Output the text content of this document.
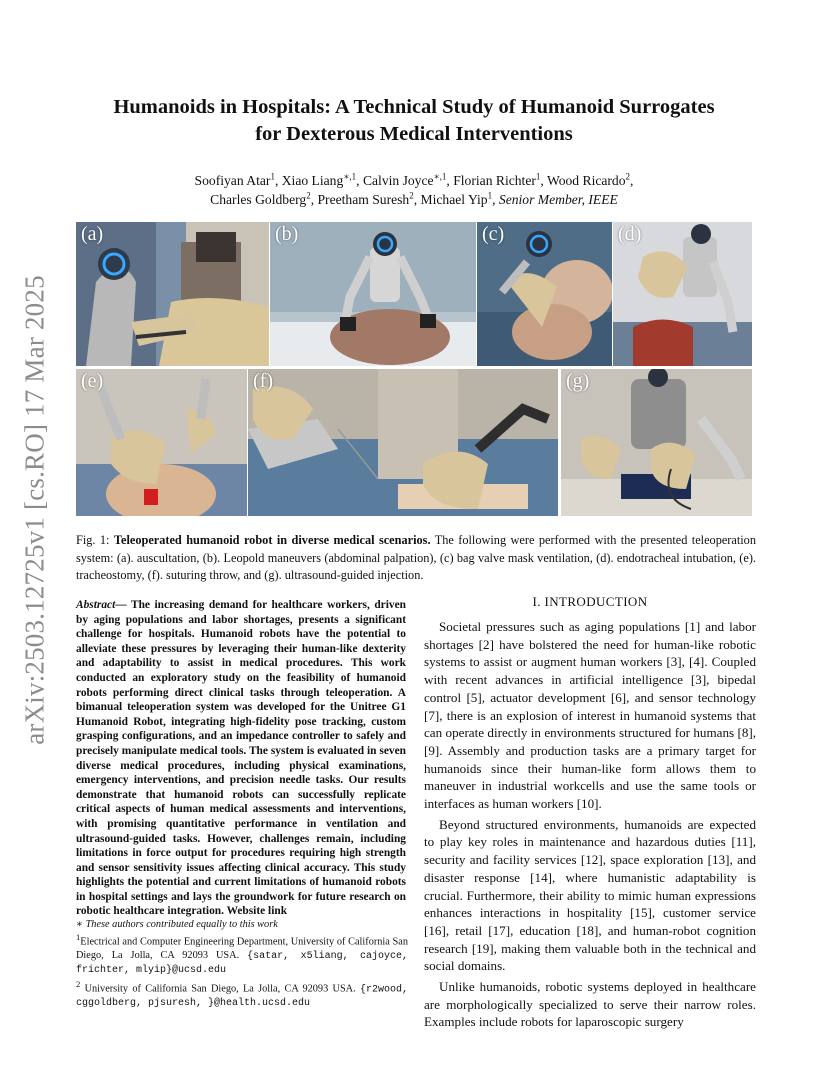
arXiv:2503.12725v1 [cs.RO] 17 Mar 2025
Humanoids in Hospitals: A Technical Study of Humanoid Surrogates
for Dexterous Medical Interventions
Soofiyan Atar$^1$, Xiao Liang$^{∗,1}$, Calvin Joyce$^{∗,1}$, Florian Richter$^1$, Wood Ricardo$^2$,
Charles Goldberg$^2$, Preetham Suresh$^2$, Michael Yip$^1$, Senior Member, IEEE
(a)	(b)	(c)	(d)
(e)	(f)	(g)
Fig. 1: Teleoperated humanoid robot in diverse medical scenarios. The following were performed with the presented teleoperation system: (a). auscultation, (b). Leopold maneuvers (abdominal palpation), (c) bag valve mask ventilation, (d). endotracheal intubation, (e). tracheostomy, (f). suturing throw, and (g). ultrasound-guided injection.
Abstract— The increasing demand for healthcare workers, driven by aging populations and labor shortages, presents a significant challenge for hospitals. Humanoid robots have the potential to alleviate these pressures by leveraging their human-like dexterity and adaptability to assist in medical procedures. This work conducted an exploratory study on the feasibility of humanoid robots performing direct clinical tasks through teleoperation. A bimanual teleoperation system was developed for the Unitree G1 Humanoid Robot, integrating high-fidelity pose tracking, custom grasping configurations, and an impedance controller to safely and precisely manipulate medical tools. The system is evaluated in seven diverse medical procedures, including physical examinations, emergency interventions, and precision needle tasks. Our results demonstrate that humanoid robots can successfully replicate critical aspects of human medical assessments and interventions, with promising quantitative performance in ventilation and ultrasound-guided tasks. However, challenges remain, including limitations in force output for procedures requiring high strength and sensor sensitivity issues affecting clinical accuracy. This study highlights the potential and current limitations of humanoid robots in hospital settings and lays the groundwork for future research on robotic healthcare integration. Website link
∗ These authors contributed equally to this work
$^1$Electrical and Computer Engineering Department, University of California San Diego, La Jolla, CA 92093 USA. {satar, x5liang, cajoyce, frichter, mlyip}@ucsd.edu
$^2$ University of California San Diego, La Jolla, CA 92093 USA. {r2wood, cggoldberg, pjsuresh, }@health.ucsd.edu
I. INTRODUCTION

Societal pressures such as aging populations [1] and labor shortages [2] have bolstered the need for human-like robotic systems to assist or augment human workers [3], [4]. Coupled with recent advances in artificial intelligence [3], bipedal control [5], actuator development [6], and sensor technology [7], there is an explosion of interest in humanoid systems that can operate directly in environments structured for humans [8], [9]. Assembly and production tasks are a primary target for humanoids since their human-like form allows them to maneuver in industrial workcells and use the same tools or interfaces as human workers [10].

Beyond structured environments, humanoids are expected to play key roles in maintenance and hazardous duties [11], security and facility services [12], space exploration [13], and disaster response [14], where humanistic adaptability is crucial. Furthermore, their ability to mimic human expressions enhances interactions in hospitality [15], customer service [16], retail [17], education [18], and human-robot cognition research [19], making them valuable both in the technical and social domains.

Unlike humanoids, robotic systems deployed in healthcare are morphologically specialized to serve their narrow roles. Examples include robots for laparoscopic surgery
